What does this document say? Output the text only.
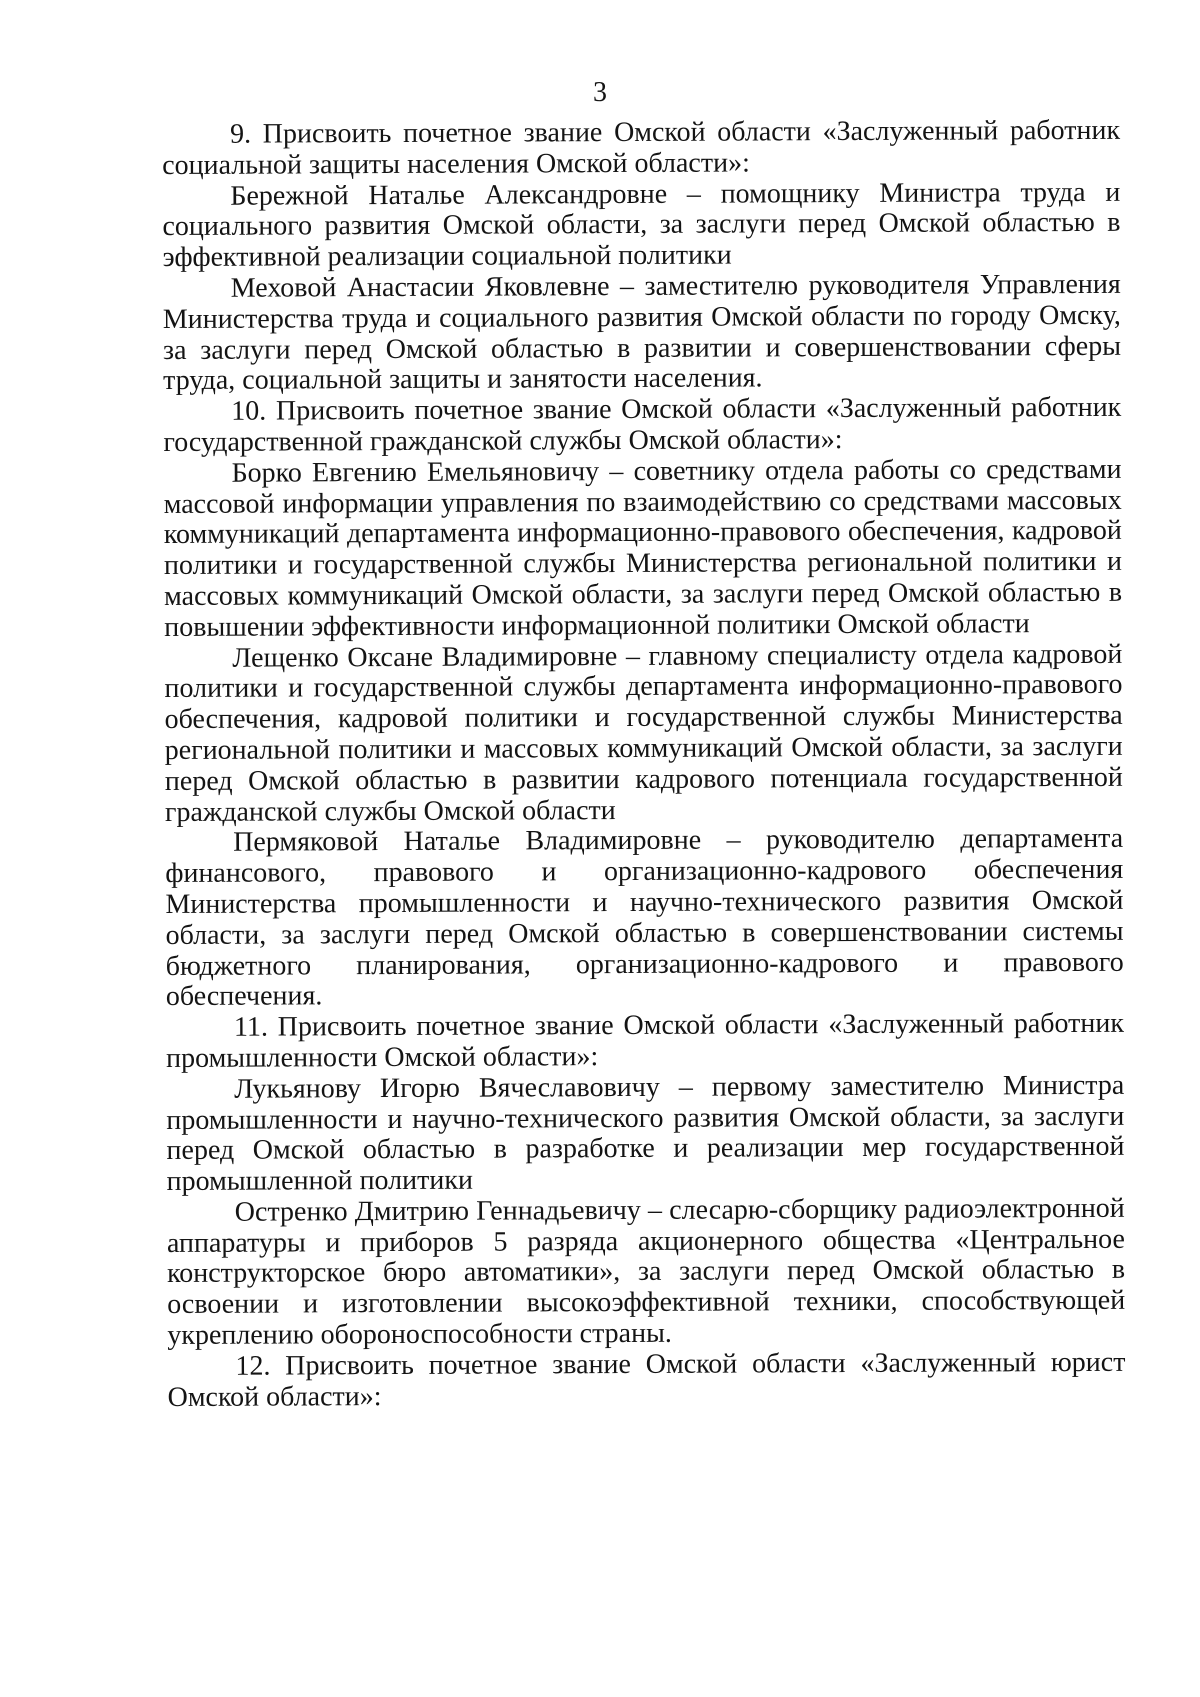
3

9. Присвоить почетное звание Омской области «Заслуженный работник социальной защиты населения Омской области»:

Бережной Наталье Александровне – помощнику Министра труда и социального развития Омской области, за заслуги перед Омской областью в эффективной реализации социальной политики

Меховой Анастасии Яковлевне – заместителю руководителя Управления Министерства труда и социального развития Омской области по городу Омску, за заслуги перед Омской областью в развитии и совершенствовании сферы труда, социальной защиты и занятости населения.

10. Присвоить почетное звание Омской области «Заслуженный работник государственной гражданской службы Омской области»:

Борко Евгению Емельяновичу – советнику отдела работы со средствами массовой информации управления по взаимодействию со средствами массовых коммуникаций департамента информационно-правового обеспечения, кадровой политики и государственной службы Министерства региональной политики и массовых коммуникаций Омской области, за заслуги перед Омской областью в повышении эффективности информационной политики Омской области

Лещенко Оксане Владимировне – главному специалисту отдела кадровой политики и государственной службы департамента информационно-правового обеспечения, кадровой политики и государственной службы Министерства региональной политики и массовых коммуникаций Омской области, за заслуги перед Омской областью в развитии кадрового потенциала государственной гражданской службы Омской области

Пермяковой Наталье Владимировне – руководителю департамента финансового, правового и организационно-кадрового обеспечения Министерства промышленности и научно-технического развития Омской области, за заслуги перед Омской областью в совершенствовании системы бюджетного планирования, организационно-кадрового и правового обеспечения.

11. Присвоить почетное звание Омской области «Заслуженный работник промышленности Омской области»:

Лукьянову Игорю Вячеславовичу – первому заместителю Министра промышленности и научно-технического развития Омской области, за заслуги перед Омской областью в разработке и реализации мер государственной промышленной политики

Остренко Дмитрию Геннадьевичу – слесарю-сборщику радиоэлектронной аппаратуры и приборов 5 разряда акционерного общества «Центральное конструкторское бюро автоматики», за заслуги перед Омской областью в освоении и изготовлении высокоэффективной техники, способствующей укреплению обороноспособности страны.

12. Присвоить почетное звание Омской области «Заслуженный юрист Омской области»:
